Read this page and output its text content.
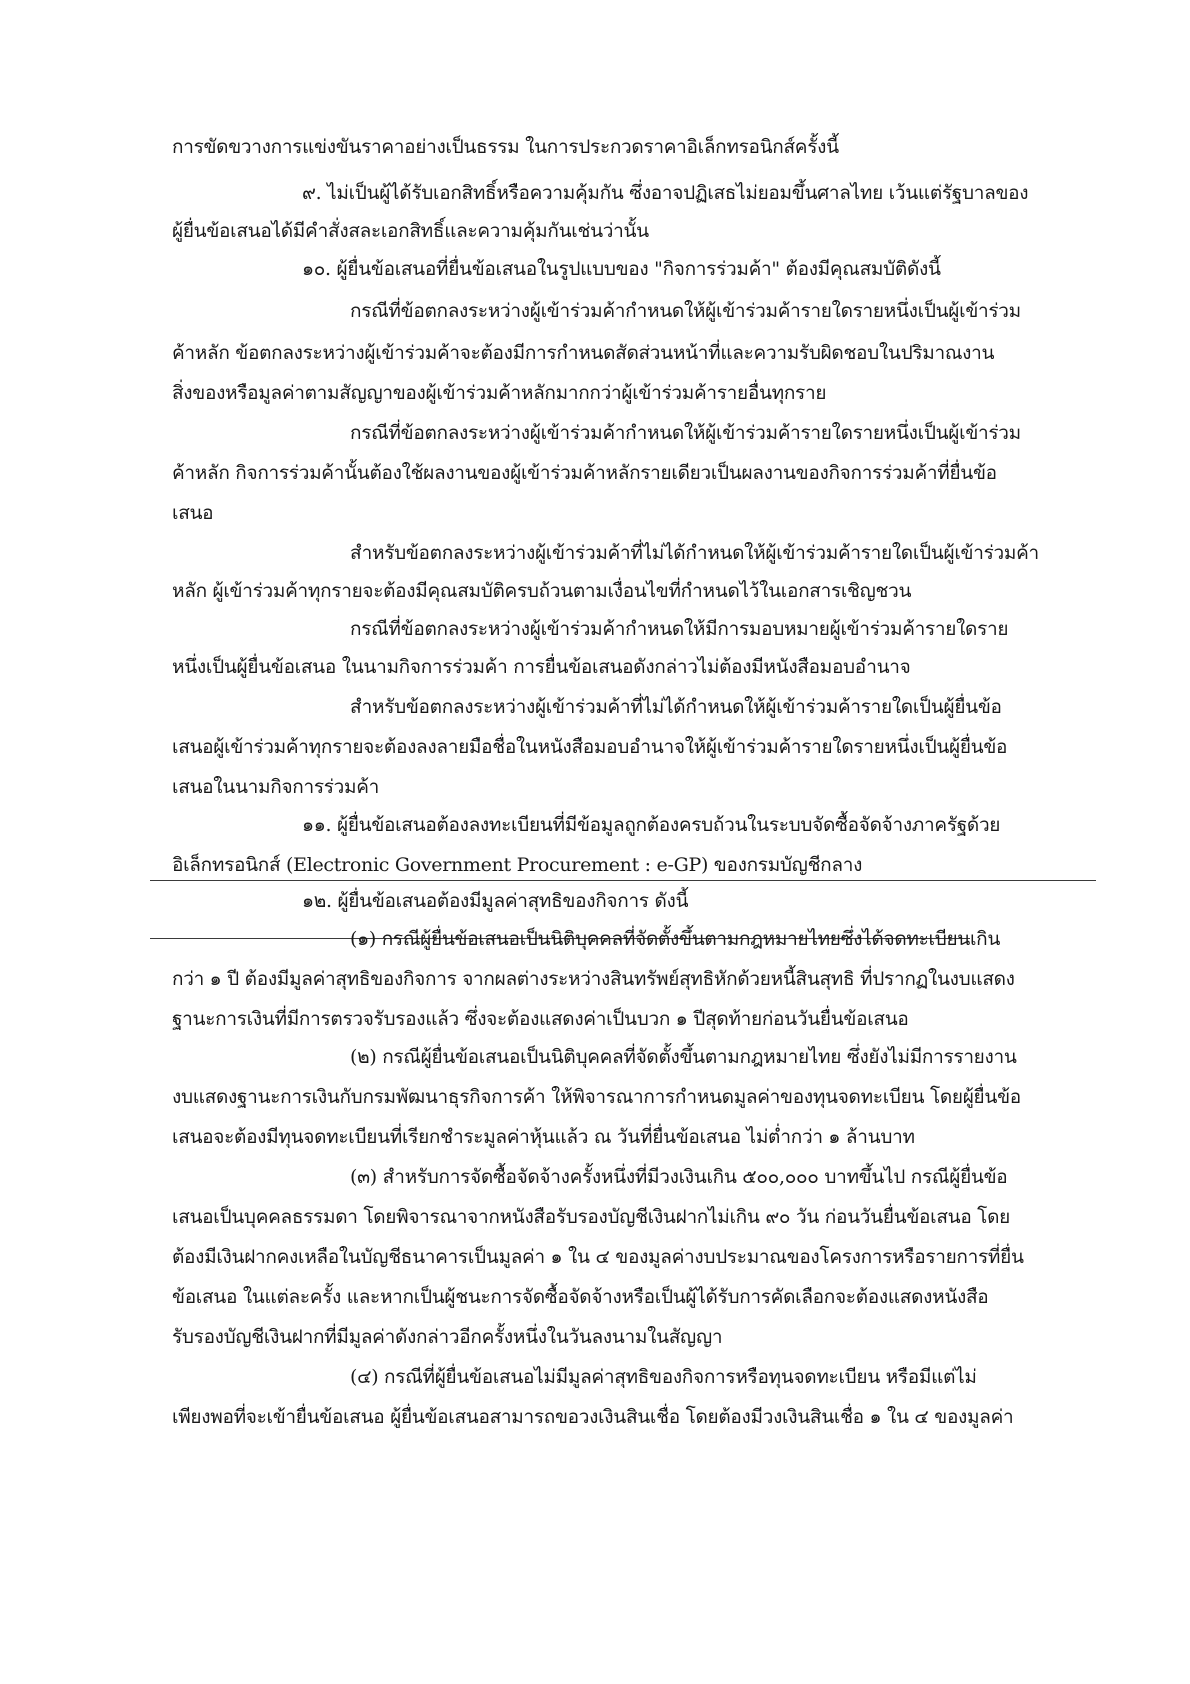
การขัดขวางการแข่งขันราคาอย่างเป็นธรรม ในการประกวดราคาอิเล็กทรอนิกส์ครั้งนี้
๙. ไม่เป็นผู้ได้รับเอกสิทธิ์หรือความคุ้มกัน ซึ่งอาจปฏิเสธไม่ยอมขึ้นศาลไทย เว้นแต่รัฐบาลของ
ผู้ยื่นข้อเสนอได้มีคำสั่งสละเอกสิทธิ์และความคุ้มกันเช่นว่านั้น
๑๐. ผู้ยื่นข้อเสนอที่ยื่นข้อเสนอในรูปแบบของ "กิจการร่วมค้า" ต้องมีคุณสมบัติดังนี้
กรณีที่ข้อตกลงระหว่างผู้เข้าร่วมค้ากำหนดให้ผู้เข้าร่วมค้ารายใดรายหนึ่งเป็นผู้เข้าร่วม
ค้าหลัก ข้อตกลงระหว่างผู้เข้าร่วมค้าจะต้องมีการกำหนดสัดส่วนหน้าที่และความรับผิดชอบในปริมาณงาน
สิ่งของหรือมูลค่าตามสัญญาของผู้เข้าร่วมค้าหลักมากกว่าผู้เข้าร่วมค้ารายอื่นทุกราย
กรณีที่ข้อตกลงระหว่างผู้เข้าร่วมค้ากำหนดให้ผู้เข้าร่วมค้ารายใดรายหนึ่งเป็นผู้เข้าร่วม
ค้าหลัก กิจการร่วมค้านั้นต้องใช้ผลงานของผู้เข้าร่วมค้าหลักรายเดียวเป็นผลงานของกิจการร่วมค้าที่ยื่นข้อ
เสนอ
สำหรับข้อตกลงระหว่างผู้เข้าร่วมค้าที่ไม่ได้กำหนดให้ผู้เข้าร่วมค้ารายใดเป็นผู้เข้าร่วมค้า
หลัก ผู้เข้าร่วมค้าทุกรายจะต้องมีคุณสมบัติครบถ้วนตามเงื่อนไขที่กำหนดไว้ในเอกสารเชิญชวน
กรณีที่ข้อตกลงระหว่างผู้เข้าร่วมค้ากำหนดให้มีการมอบหมายผู้เข้าร่วมค้ารายใดราย
หนึ่งเป็นผู้ยื่นข้อเสนอ ในนามกิจการร่วมค้า การยื่นข้อเสนอดังกล่าวไม่ต้องมีหนังสือมอบอำนาจ
สำหรับข้อตกลงระหว่างผู้เข้าร่วมค้าที่ไม่ได้กำหนดให้ผู้เข้าร่วมค้ารายใดเป็นผู้ยื่นข้อ
เสนอผู้เข้าร่วมค้าทุกรายจะต้องลงลายมือชื่อในหนังสือมอบอำนาจให้ผู้เข้าร่วมค้ารายใดรายหนึ่งเป็นผู้ยื่นข้อ
เสนอในนามกิจการร่วมค้า
๑๑. ผู้ยื่นข้อเสนอต้องลงทะเบียนที่มีข้อมูลถูกต้องครบถ้วนในระบบจัดซื้อจัดจ้างภาครัฐด้วย
อิเล็กทรอนิกส์ (Electronic Government Procurement : e-GP) ของกรมบัญชีกลาง
๑๒. ผู้ยื่นข้อเสนอต้องมีมูลค่าสุทธิของกิจการ ดังนี้
(๑) กรณีผู้ยื่นข้อเสนอเป็นนิติบุคคลที่จัดตั้งขึ้นตามกฎหมายไทยซึ่งได้จดทะเบียนเกิน
กว่า ๑ ปี ต้องมีมูลค่าสุทธิของกิจการ จากผลต่างระหว่างสินทรัพย์สุทธิหักด้วยหนี้สินสุทธิ ที่ปรากฏในงบแสดง
ฐานะการเงินที่มีการตรวจรับรองแล้ว ซึ่งจะต้องแสดงค่าเป็นบวก ๑ ปีสุดท้ายก่อนวันยื่นข้อเสนอ
(๒) กรณีผู้ยื่นข้อเสนอเป็นนิติบุคคลที่จัดตั้งขึ้นตามกฎหมายไทย ซึ่งยังไม่มีการรายงาน
งบแสดงฐานะการเงินกับกรมพัฒนาธุรกิจการค้า ให้พิจารณาการกำหนดมูลค่าของทุนจดทะเบียน โดยผู้ยื่นข้อ
เสนอจะต้องมีทุนจดทะเบียนที่เรียกชำระมูลค่าหุ้นแล้ว ณ วันที่ยื่นข้อเสนอ ไม่ต่ำกว่า ๑ ล้านบาท
(๓) สำหรับการจัดซื้อจัดจ้างครั้งหนึ่งที่มีวงเงินเกิน ๕๐๐,๐๐๐ บาทขึ้นไป กรณีผู้ยื่นข้อ
เสนอเป็นบุคคลธรรมดา โดยพิจารณาจากหนังสือรับรองบัญชีเงินฝากไม่เกิน ๙๐ วัน ก่อนวันยื่นข้อเสนอ โดย
ต้องมีเงินฝากคงเหลือในบัญชีธนาคารเป็นมูลค่า ๑ ใน ๔ ของมูลค่างบประมาณของโครงการหรือรายการที่ยื่น
ข้อเสนอ ในแต่ละครั้ง และหากเป็นผู้ชนะการจัดซื้อจัดจ้างหรือเป็นผู้ได้รับการคัดเลือกจะต้องแสดงหนังสือ
รับรองบัญชีเงินฝากที่มีมูลค่าดังกล่าวอีกครั้งหนึ่งในวันลงนามในสัญญา
(๔) กรณีที่ผู้ยื่นข้อเสนอไม่มีมูลค่าสุทธิของกิจการหรือทุนจดทะเบียน หรือมีแต่ไม่
เพียงพอที่จะเข้ายื่นข้อเสนอ ผู้ยื่นข้อเสนอสามารถขอวงเงินสินเชื่อ โดยต้องมีวงเงินสินเชื่อ ๑ ใน ๔ ของมูลค่า
